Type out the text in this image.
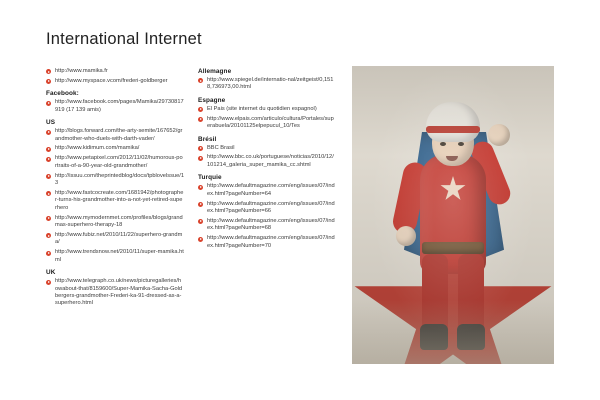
International Internet
http://www.mamika.fr
http://www.myspace.vcom/frederi-goldberger
Facebook:
http://www.facebook.com/pages/Mamika/29730817919 (17 139 amis)
US
http://blogs.forward.com/the-arty-semite/167652/grandmother-who-duels-with-darth-vader/
http://www.kidimum.com/mamika/
http://www.petapixel.com/2012/11/02/humorous-portraits-of-a-90-year-old-grandmother/
http://issuu.com/theprintedblog/docs/tpblovelssue/13
http://www.fastcocreate.com/1681942/photographer-turns-his-grandmother-into-a-not-yet-retired-superhero
http://www.mymodernmet.com/profiles/blogs/grandmas-superhero-therapy-18
http://www.fubiz.net/2010/11/22/superhero-grandma/
http://www.trendsnow.net/2010/11/super-mamika.html
UK
http://www.telegraph.co.uk/news/picturegalleries/howabout-that/8159600/Super-Mamika-Sacha-Goldbergers-grandmother-Frederi-ka-91-dressed-as-a-superhero.html
Allemagne
http://www.spiegel.de/internatio-nal/zeitgeist/0,1518,736973,00.html
Espagne
El Pais (site internet du quotidien espagnol)
http://www.elpais.com/articulo/cultura/Portales/superabuela/20101125elpepucul_10/Tes
Brésil
BBC Brasil
http://www.bbc.co.uk/portuguese/noticias/2010/12/101214_galeria_super_mamika_cc.shtml
Turquie
http://www.defaultmagazine.com/eng/issues/07/index.html?pageNumber=64
http://www.defaultmagazine.com/eng/issues/07/index.html?pageNumber=66
http://www.defaultmagazine.com/eng/issues/07/index.html?pageNumber=68
http://www.defaultmagazine.com/eng/issues/07/index.html?pageNumber=70
